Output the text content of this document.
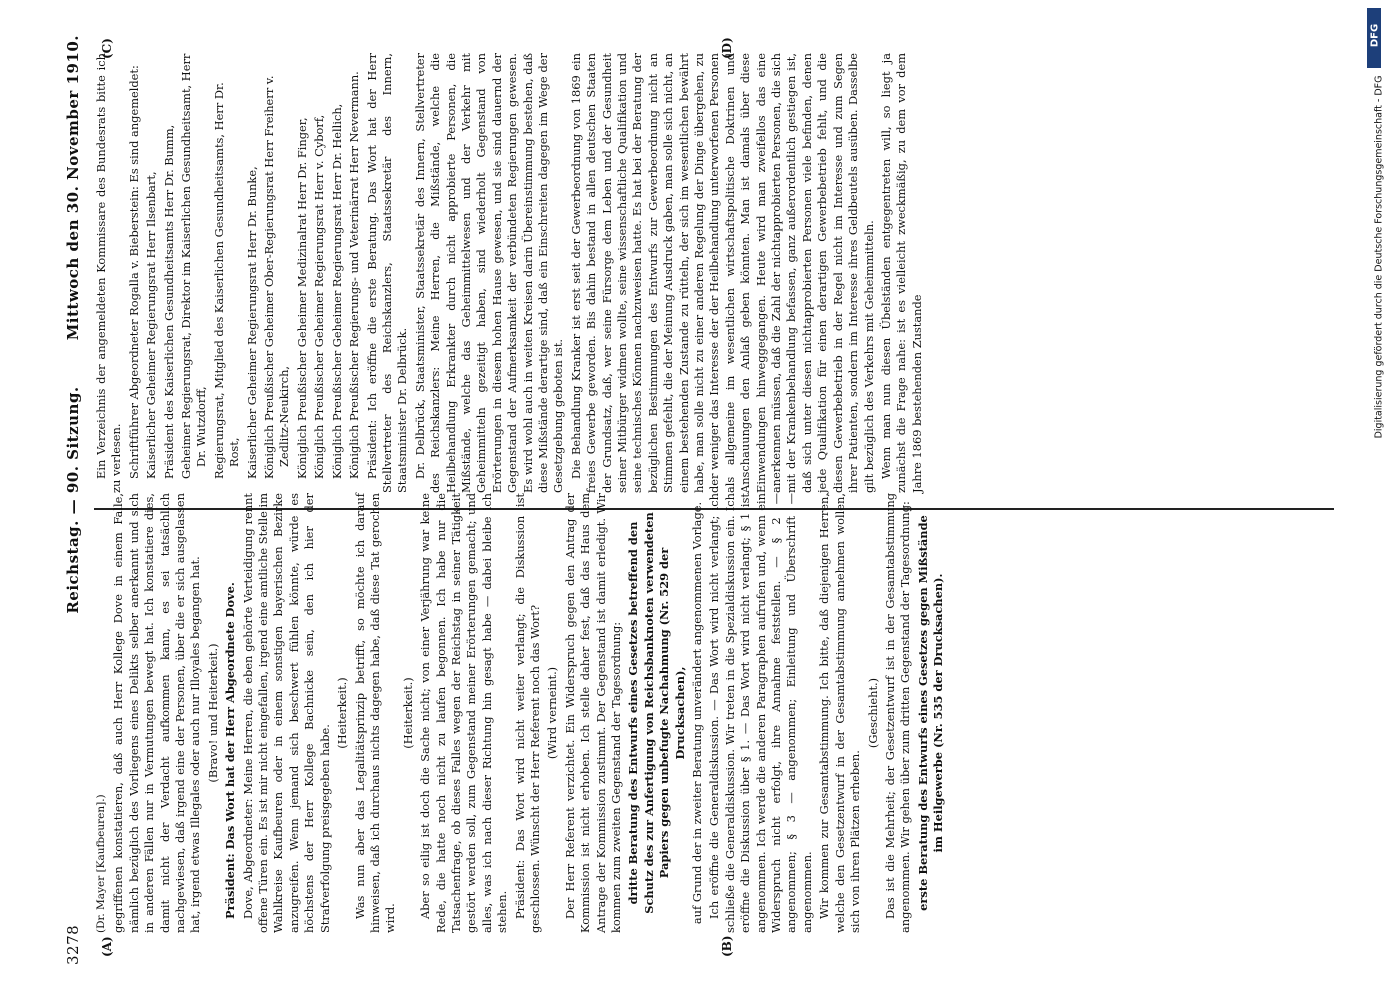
3278
Reichstag. — 90. Sitzung.
Mittwoch den 30. November 1910.
(A)	(B)
(C)	(D)

(Dr. Mayer [Kaufbeuren].) gegriffenen konstatieren, daß auch Herr Kollege Dove in einem Falle, nämlich bezüglich des Vorliegens eines Delikts selber anerkannt und sich in anderen Fällen nur in Vermutungen bewegt hat. Ich konstatiere dies, damit nicht der Verdacht aufkommen kann, es sei tatsächlich nachgewiesen, daß irgend eine der Personen, über die er sich ausgelassen hat, irgend etwas Illegales oder auch nur Illoyales begangen hat. (Bravo! und Heiterkeit.) Präsident: Das Wort hat der Herr Abgeordnete Dove. Dove, Abgeordneter: Meine Herren, die eben gehörte Verteidigung rennt offene Türen ein. Es ist mir nicht eingefallen, irgend eine amtliche Stelle im Wahlkreise Kaufbeuren oder in einem sonstigen bayerischen Bezirke anzugreifen. Wenn jemand sich beschwert fühlen könnte, würde es höchstens der Herr Kollege Bachnicke sein, den ich hier der Strafverfolgung preisgegeben habe.

(Heiterkeit.) Was nun aber das Legalitätsprinzip betrifft, so möchte ich darauf hinweisen, daß ich durchaus nichts dagegen habe, daß diese Tat gerochen wird.

(Heiterkeit.) Aber so eilig ist doch die Sache nicht; von einer Verjährung war keine Rede, die hatte noch nicht zu laufen begonnen. Ich habe nur die Tatsachenfrage, ob dieses Falles wegen der Reichstag in seiner Tätigkeit gestört werden soll, zum Gegenstand meiner Erörterungen gemacht; und alles, was ich nach dieser Richtung hin gesagt habe — dabei bleibe ich stehen. Präsident: Das Wort wird nicht weiter verlangt; die Diskussion ist geschlossen. Wünscht der Herr Referent noch das Wort? (Wird verneint.) Der Herr Referent verzichtet. Ein Widerspruch gegen den Antrag der Kommission ist nicht erhoben. Ich stelle daher fest, daß das Haus dem Antrage der Kommission zustimmt. Der Gegenstand ist damit erledigt. Wir kommen zum zweiten Gegenstand der Tagesordnung: dritte Beratung des Entwurfs eines Gesetzes betreffend den Schutz des zur Anfertigung von Reichsbanknoten verwendeten Papiers gegen unbefugte Nachahmung (Nr. 529 der Drucksachen), auf Grund der in zweiter Beratung unverändert angenommenen Vorlage. Ich eröffne die Generaldiskussion. — Das Wort wird nicht verlangt; ich schließe die Generaldiskussion. Wir treten in die Spezialdiskussion ein. Ich eröffne die Diskussion über § 1. — Das Wort wird nicht verlangt; § 1 ist angenommen. Ich werde die anderen Paragraphen aufrufen und, wenn ein Widerspruch nicht erfolgt, ihre Annahme feststellen. — § 2 — angenommen; § 3 — angenommen; Einleitung und Überschrift — angenommen. Wir kommen zur Gesamtabstimmung. Ich bitte, daß diejenigen Herren, welche den Gesetzentwurf in der Gesamtabstimmung annehmen wollen, sich von ihren Plätzen erheben.

(Geschieht.) Das ist die Mehrheit; der Gesetzentwurf ist in der Gesamtabstimmung angenommen. Wir gehen über zum dritten Gegenstand der Tagesordnung: erste Beratung des Entwurfs eines Gesetzes gegen Mißstände im Heilgewerbe (Nr. 535 der Drucksachen).

Ein Verzeichnis der angemeldeten Kommissare des Bundesrats bitte ich zu verlesen. Schriftführer Abgeordneter Rogalla v. Bieberstein: Es sind angemeldet: Kaiserlicher Geheimer Regierungsrat Herr Ilsenbart, Präsident des Kaiserlichen Gesundheitsamts Herr Dr. Bumm, Geheimer Regierungsrat, Direktor im Kaiserlichen Gesundheitsamt, Herr Dr. Wutzdorff, Regierungsrat, Mitglied des Kaiserlichen Gesundheitsamts, Herr Dr. Rost, Kaiserlicher Geheimer Regierungsrat Herr Dr. Bunke, Königlich Preußischer Geheimer Ober-Regierungsrat Herr Freiherr v. Zedlitz-Neukirch, Königlich Preußischer Geheimer Medizinalrat Herr Dr. Finger, Königlich Preußischer Geheimer Regierungsrat Herr v. Cyborf, Königlich Preußischer Geheimer Regierungsrat Herr Dr. Hellich, Königlich Preußischer Regierungs- und Veterinärrat Herr Nevermann. Präsident: Ich eröffne die erste Beratung. Das Wort hat der Herr Stellvertreter des Reichskanzlers, Staatssekretär des Innern, Staatsminister Dr. Delbrück. Dr. Delbrück, Staatsminister, Staatssekretär des Innern, Stellvertreter des Reichskanzlers: Meine Herren, die Mißstände, welche die Heilbehandlung Erkrankter durch nicht approbierte Personen, die Mißstände, welche das Geheimmittelwesen und der Verkehr mit Geheimmitteln gezeitigt haben, sind wiederholt Gegenstand von Erörterungen in diesem hohen Hause gewesen, und sie sind dauernd der Gegenstand der Aufmerksamkeit der verbündeten Regierungen gewesen. Es wird wohl auch in weiten Kreisen darin Übereinstimmung bestehen, daß diese Mißstände derartige sind, daß ein Einschreiten dagegen im Wege der Gesetzgebung geboten ist. Die Behandlung Kranker ist erst seit der Gewerbeordnung von 1869 ein freies Gewerbe geworden. Bis dahin bestand in allen deutschen Staaten der Grundsatz, daß, wer seine Fürsorge dem Leben und der Gesundheit seiner Mitbürger widmen wollte, seine wissenschaftliche Qualifikation und seine technisches Können nachzuweisen hatte. Es hat bei der Beratung der bezüglichen Bestimmungen des Entwurfs zur Gewerbeordnung nicht an Stimmen gefehlt, die der Meinung Ausdruck gaben, man solle sich nicht, an einem bestehenden Zustande zu rütteln, der sich im wesentlichen bewährt habe, man solle nicht zu einer anderen Regelung der Dinge übergehen, zu der weniger das Interesse der der Heilbehandlung unterworfenen Personen als allgemeine im wesentlichen wirtschaftspolitische Doktrinen und Anschauungen den Anlaß geben könnten. Man ist damals über diese Einwendungen hinweggegangen. Heute wird man zweifellos das eine anerkennen müssen, daß die Zahl der nichtapprobierten Personen, die sich mit der Krankenbehandlung befassen, ganz außerordentlich gestiegen ist, daß sich unter diesen nichtapprobierten Personen viele befinden, denen jede Qualifikation für einen derartigen Gewerbebetrieb fehlt, und die diesen Gewerbebetrieb in der Regel nicht im Interesse und zum Segen ihrer Patienten, sondern im Interesse ihres Geldbeutels ausüben. Dasselbe gilt bezüglich des Verkehrs mit Geheimmitteln. Wenn man nun diesen Übelständen entgegentreten will, so liegt ja zunächst die Frage nahe: ist es vielleicht zweckmäßig, zu dem vor dem Jahre 1869 bestehenden Zustande

DFG
Digitalisierung gefördert durch die Deutsche Forschungsgemeinschaft - DFG
